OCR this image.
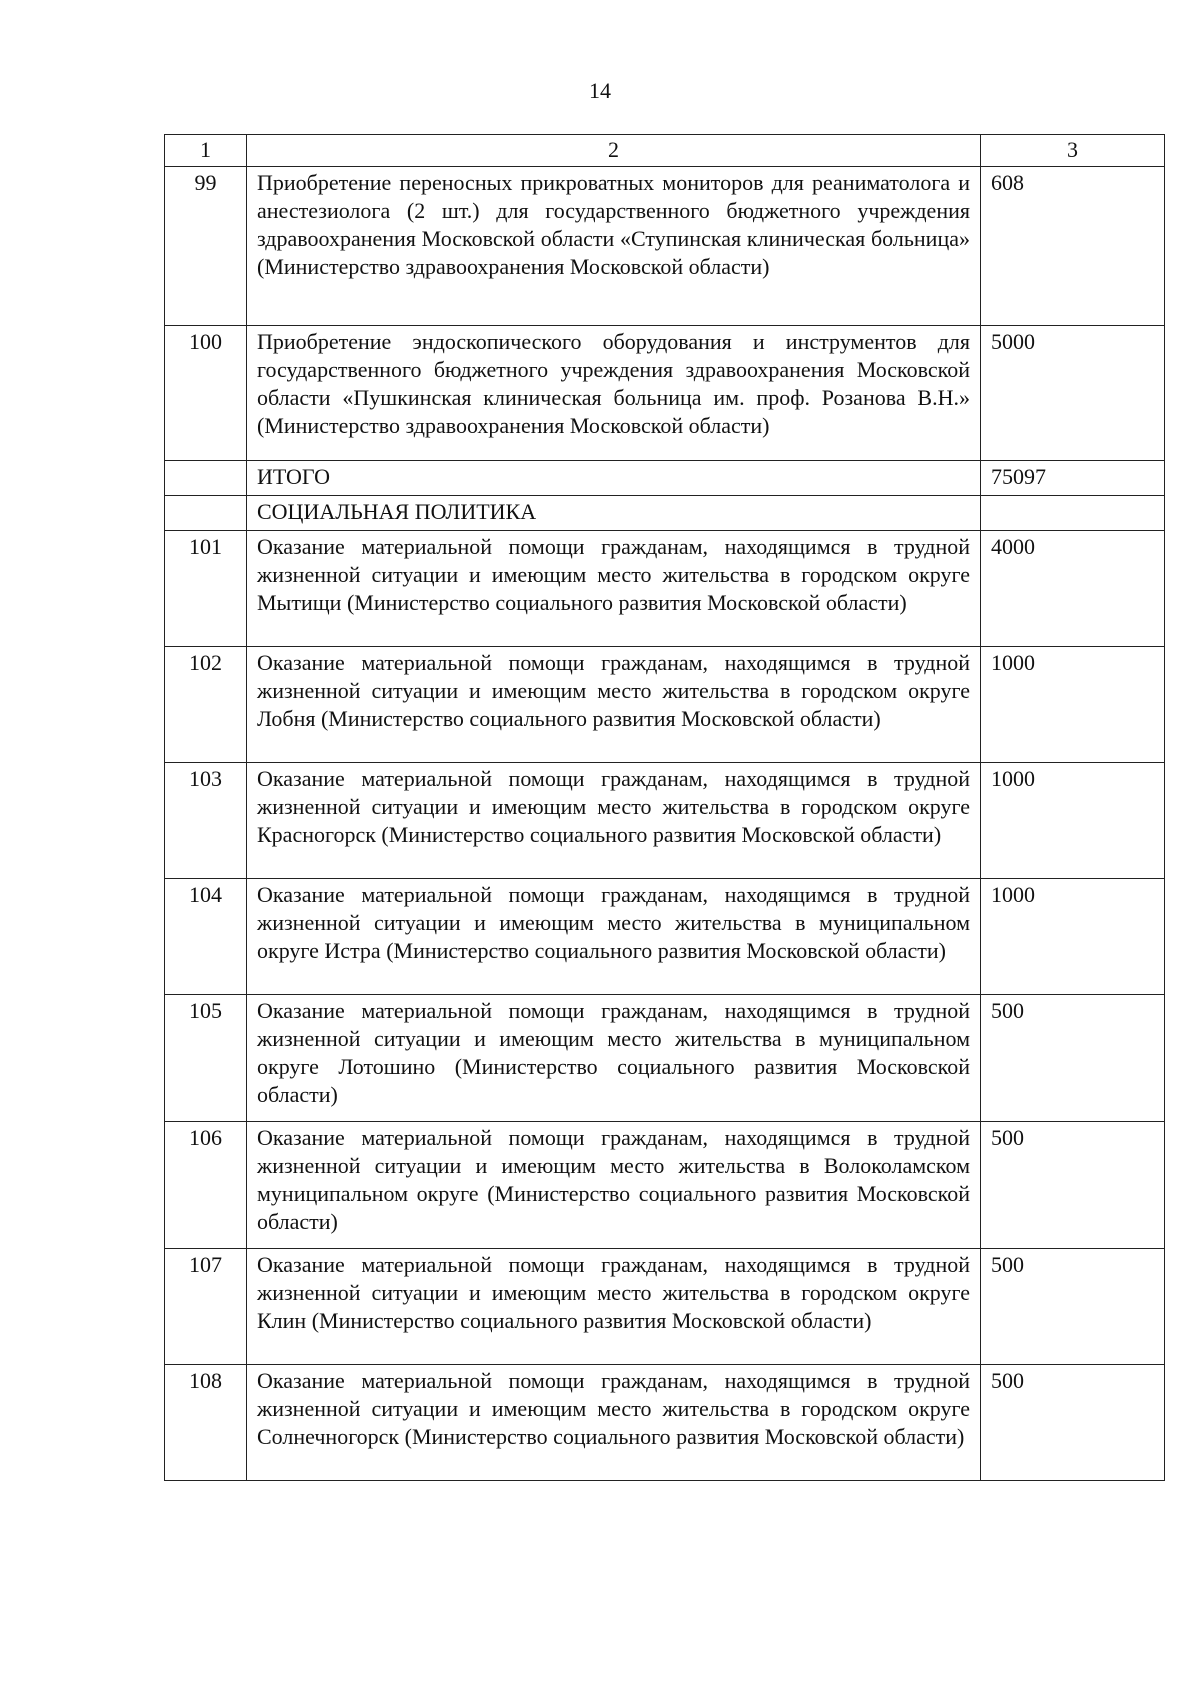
14
1	2	3
99	Приобретение переносных прикроватных мониторов для реаниматолога и анестезиолога (2 шт.) для государственного бюджетного учреждения здравоохранения Московской области «Ступинская клиническая больница» (Министерство здравоохранения Московской области)	608
100	Приобретение эндоскопического оборудования и инструментов для государственного бюджетного учреждения здравоохранения Московской области «Пушкинская клиническая больница им. проф. Розанова В.Н.» (Министерство здравоохранения Московской области)	5000
	ИТОГО	75097
	СОЦИАЛЬНАЯ ПОЛИТИКА	
101	Оказание материальной помощи гражданам, находящимся в трудной жизненной ситуации и имеющим место жительства в городском округе Мытищи (Министерство социального развития Московской области)	4000
102	Оказание материальной помощи гражданам, находящимся в трудной жизненной ситуации и имеющим место жительства в городском округе Лобня (Министерство социального развития Московской области)	1000
103	Оказание материальной помощи гражданам, находящимся в трудной жизненной ситуации и имеющим место жительства в городском округе Красногорск (Министерство социального развития Московской области)	1000
104	Оказание материальной помощи гражданам, находящимся в трудной жизненной ситуации и имеющим место жительства в муниципальном округе Истра (Министерство социального развития Московской области)	1000
105	Оказание материальной помощи гражданам, находящимся в трудной жизненной ситуации и имеющим место жительства в муниципальном округе Лотошино (Министерство социального развития Московской области)	500
106	Оказание материальной помощи гражданам, находящимся в трудной жизненной ситуации и имеющим место жительства в Волоколамском муниципальном округе (Министерство социального развития Московской области)	500
107	Оказание материальной помощи гражданам, находящимся в трудной жизненной ситуации и имеющим место жительства в городском округе Клин (Министерство социального развития Московской области)	500
108	Оказание материальной помощи гражданам, находящимся в трудной жизненной ситуации и имеющим место жительства в городском округе Солнечногорск (Министерство социального развития Московской области)	500
